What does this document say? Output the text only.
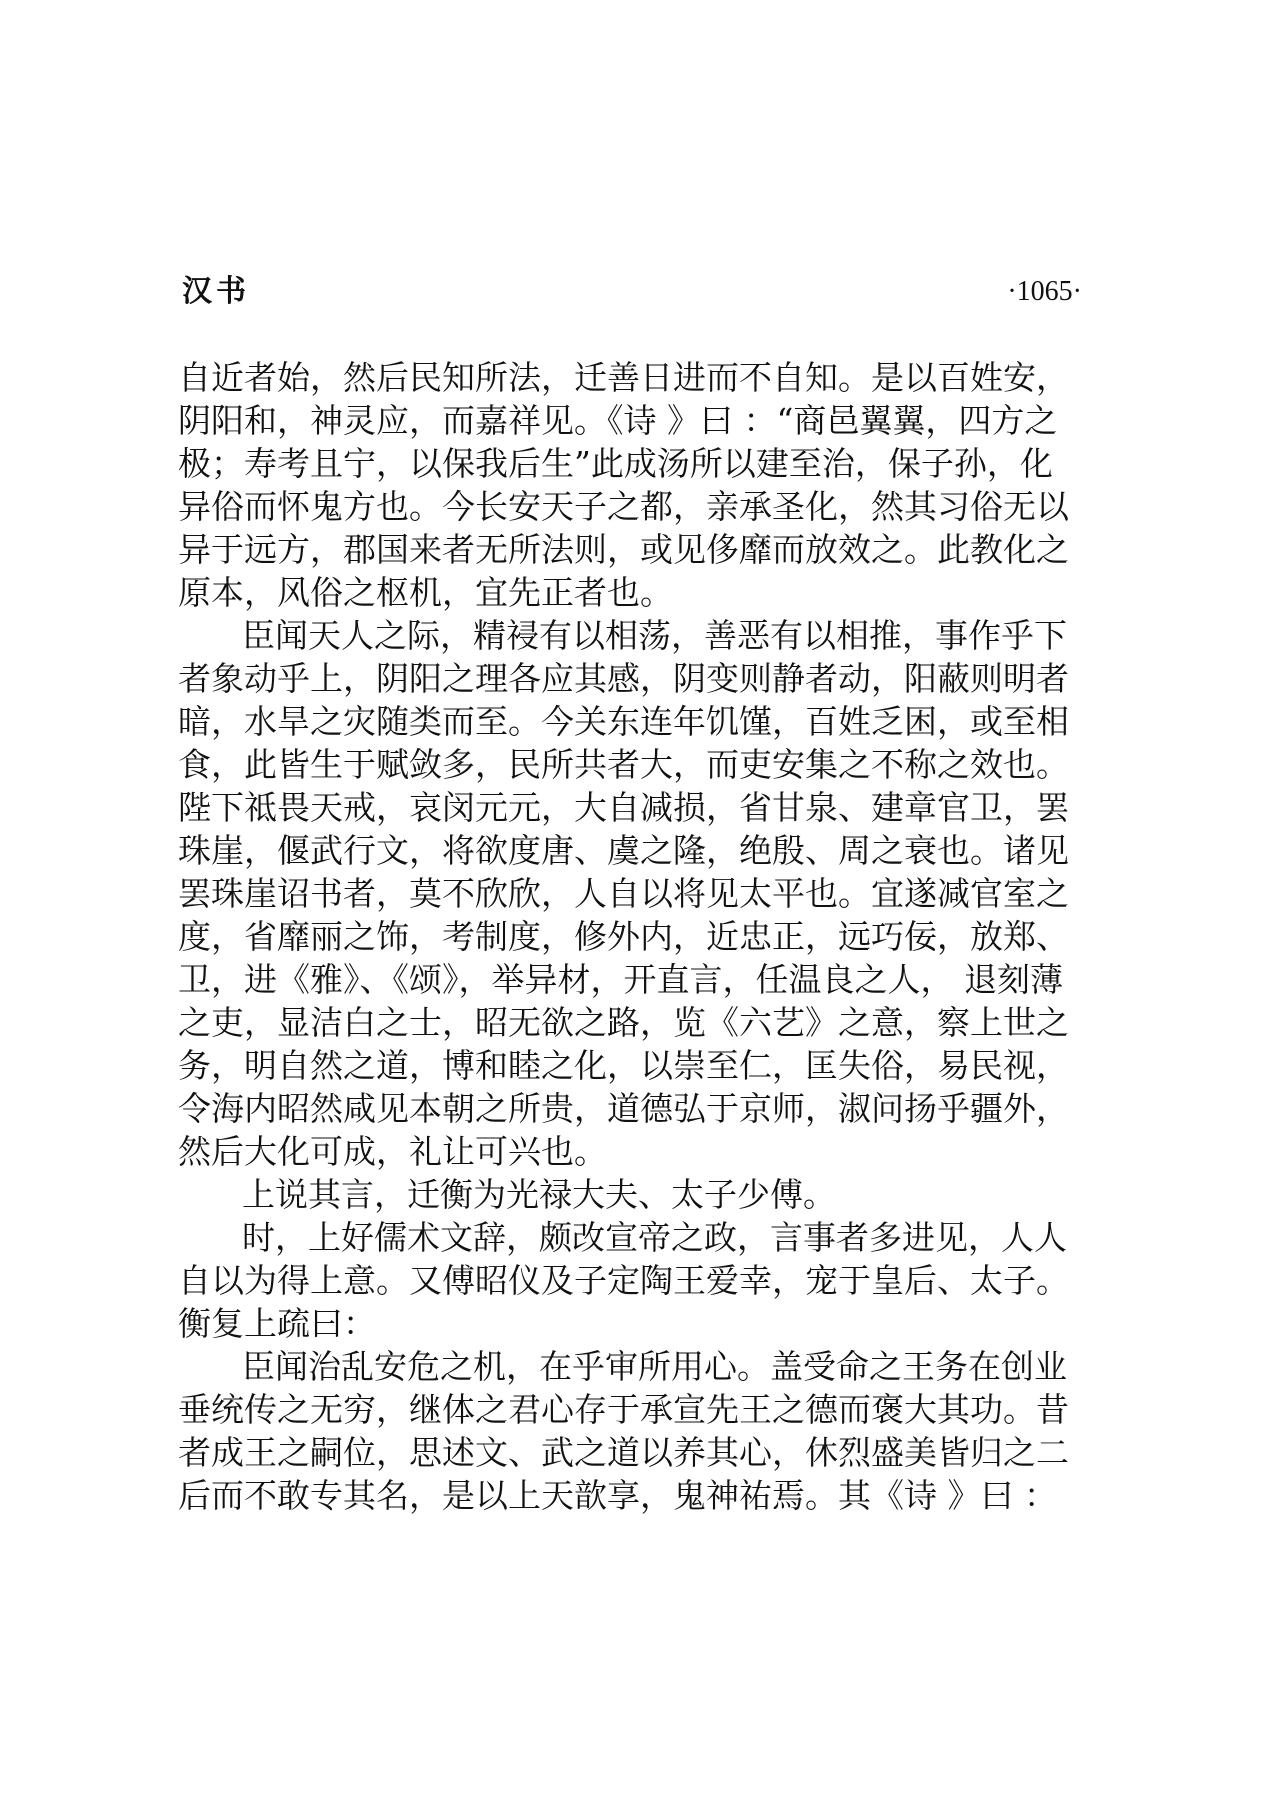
汉书	·1065·
自近者始，然后民知所法，迁善日进而不自知。是以百姓安，
阴阳和，神灵应，而嘉祥见。《诗 》曰 ：“商邑翼翼，四方之
极；寿考且宁，以保我后生”此成汤所以建至治，保子孙，化
异俗而怀鬼方也。今长安天子之都，亲承圣化，然其习俗无以
异于远方，郡国来者无所法则，或见侈靡而放效之。此教化之
原本，风俗之枢机，宜先正者也。
臣闻天人之际，精祲有以相荡，善恶有以相推，事作乎下
者象动乎上，阴阳之理各应其感，阴变则静者动，阳蔽则明者
暗，水旱之灾随类而至。今关东连年饥馑，百姓乏困，或至相
食，此皆生于赋敛多，民所共者大，而吏安集之不称之效也。
陛下祗畏天戒，哀闵元元，大自减损，省甘泉、建章官卫，罢
珠崖，偃武行文，将欲度唐、虞之隆，绝殷、周之衰也。诸见
罢珠崖诏书者，莫不欣欣，人自以将见太平也。宜遂减官室之
度，省靡丽之饰，考制度，修外内，近忠正，远巧佞，放郑、
卫，进《雅》、《颂》，举异材，开直言，任温良之人， 退刻薄
之吏，显洁白之士，昭无欲之路，览《六艺》之意，察上世之
务，明自然之道，博和睦之化，以崇至仁，匡失俗，易民视，
令海内昭然咸见本朝之所贵，道德弘于京师，淑问扬乎疆外，
然后大化可成，礼让可兴也。
上说其言，迁衡为光禄大夫、太子少傅。
时，上好儒术文辞，颇改宣帝之政，言事者多进见，人人
自以为得上意。又傅昭仪及子定陶王爱幸，宠于皇后、太子。
衡复上疏曰：
臣闻治乱安危之机，在乎审所用心。盖受命之王务在创业
垂统传之无穷，继体之君心存于承宣先王之德而褒大其功。昔
者成王之嗣位，思述文、武之道以养其心，休烈盛美皆归之二
后而不敢专其名，是以上天歆享，鬼神祐焉。其《诗 》曰 ：
